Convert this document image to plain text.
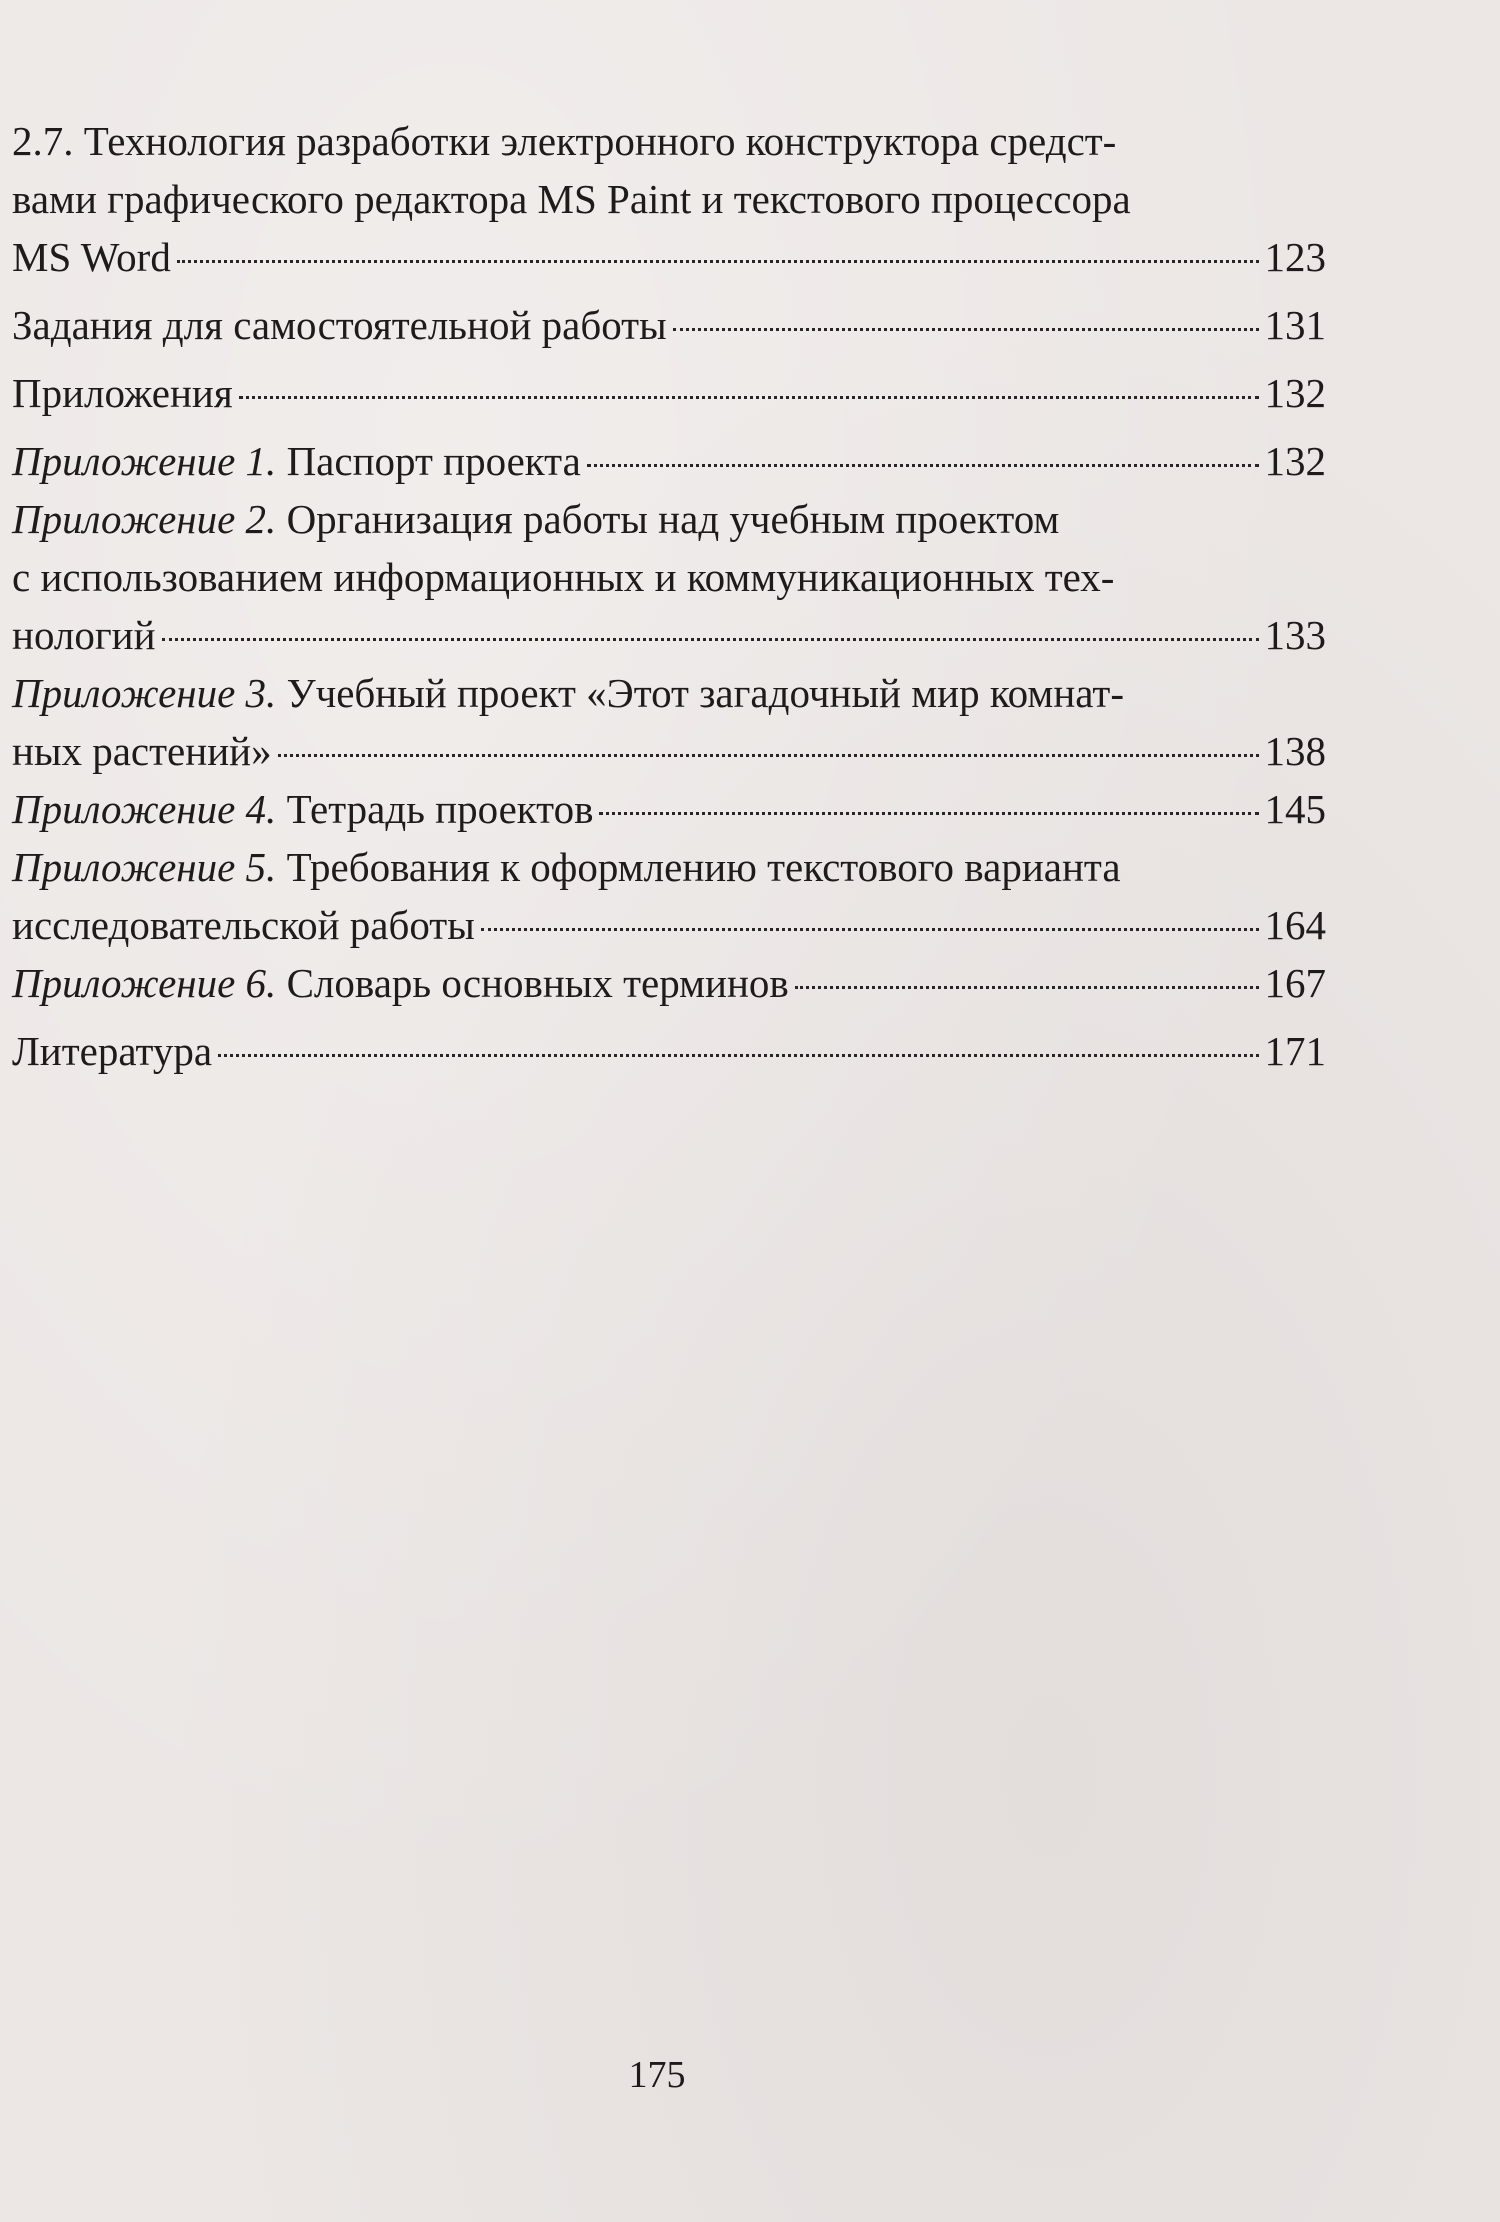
2.7. Технология разработки электронного конструктора средст-
вами графического редактора MS Paint и текстового процессора
MS Word	123
Задания для самостоятельной работы	131
Приложения	132
Приложение 1. Паспорт проекта	132
Приложение 2. Организация работы над учебным проектом
с использованием информационных и коммуникационных тех-
нологий	133
Приложение 3. Учебный проект «Этот загадочный мир комнат-
ных растений»	138
Приложение 4. Тетрадь проектов	145
Приложение 5. Требования к оформлению текстового варианта
исследовательской работы	164
Приложение 6. Словарь основных терминов	167
Литература	171
175
